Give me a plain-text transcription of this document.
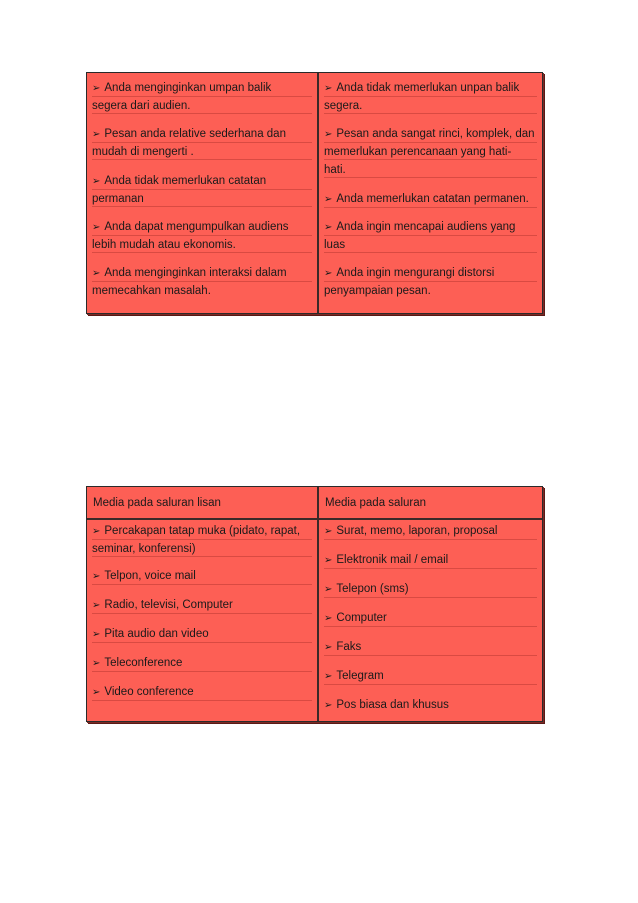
➢ Anda menginginkan umpan balik
segera dari audien.
➢ Pesan anda relative sederhana dan
mudah di mengerti .
➢ Anda tidak memerlukan catatan
permanan
➢ Anda dapat mengumpulkan audiens
lebih mudah atau ekonomis.
➢ Anda menginginkan interaksi dalam
memecahkan masalah.
➢ Anda tidak memerlukan unpan balik
segera.
➢ Pesan anda sangat rinci, komplek, dan
memerlukan perencanaan yang hati-
hati.
➢ Anda memerlukan catatan permanen.
➢ Anda ingin mencapai audiens yang
luas
➢ Anda ingin mengurangi distorsi
penyampaian pesan.
Media pada saluran lisan	Media pada saluran
➢ Percakapan tatap muka (pidato, rapat,
seminar, konferensi)
➢ Telpon, voice mail
➢ Radio, televisi, Computer
➢ Pita audio dan video
➢ Teleconference
➢ Video conference
➢ Surat, memo, laporan, proposal
➢ Elektronik mail / email
➢ Telepon (sms)
➢ Computer
➢ Faks
➢ Telegram
➢ Pos biasa dan khusus
